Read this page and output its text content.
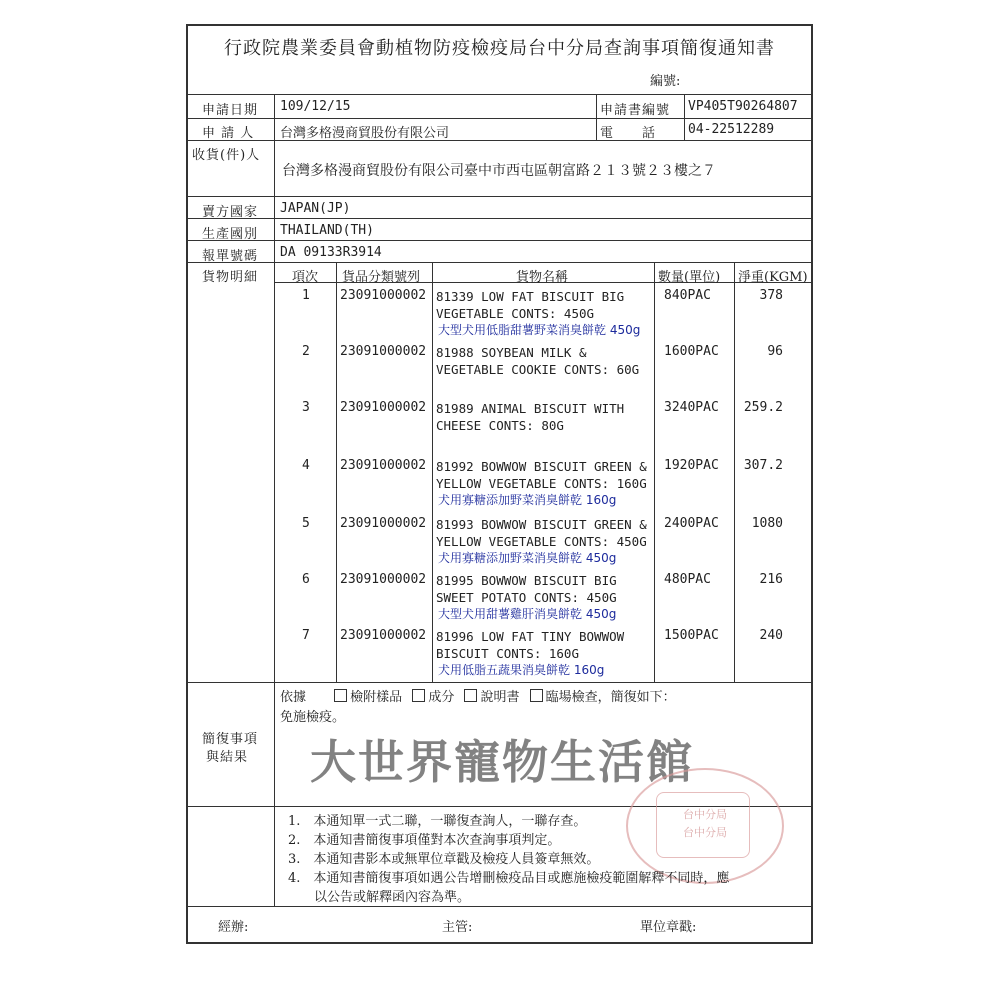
行政院農業委員會動植物防疫檢疫局台中分局查詢事項簡復通知書
編號:
申請日期 109/12/15	申請書編號 VP405T90264807
申 請 人 台灣多格漫商貿股份有限公司	電　　話 04-22512289
收貨(件)人
台灣多格漫商貿股份有限公司臺中市西屯區朝富路２１３號２３樓之７
賣方國家 JAPAN(JP)
生產國別 THAILAND(TH)
報單號碼 DA 09133R3914
貨物明細	項次 貨品分類號列	貨物名稱	數量(單位) 淨重(KGM)
1 23091000002 81339 LOW FAT BISCUIT BIG
VEGETABLE CONTS: 450G
大型犬用低脂甜薯野菜消臭餅乾 450g
840PAC	378
2 23091000002 81988 SOYBEAN MILK &
VEGETABLE COOKIE CONTS: 60G
1600PAC	96
3 23091000002 81989 ANIMAL BISCUIT WITH
CHEESE CONTS: 80G
3240PAC 259.2
4 23091000002 81992 BOWWOW BISCUIT GREEN &
YELLOW VEGETABLE CONTS: 160G
犬用寡糖添加野菜消臭餅乾 160g
1920PAC 307.2
5 23091000002 81993 BOWWOW BISCUIT GREEN &
YELLOW VEGETABLE CONTS: 450G
犬用寡糖添加野菜消臭餅乾 450g
2400PAC	1080
6 23091000002 81995 BOWWOW BISCUIT BIG
SWEET POTATO CONTS: 450G
大型犬用甜薯雞肝消臭餅乾 450g
480PAC	216
7 23091000002 81996 LOW FAT TINY BOWWOW
BISCUIT CONTS: 160G
犬用低脂五蔬果消臭餅乾 160g
1500PAC	240
簡復事項
與結果
依據	檢附樣品 成分 說明書 臨場檢查，簡復如下：
免施檢疫。
大世界寵物生活館
台中分局
台中分局
1.　本通知單一式二聯，一聯復查詢人，一聯存查。
2.　本通知書簡復事項僅對本次查詢事項判定。
3.　本通知書影本或無單位章戳及檢疫人員簽章無效。
4.　本通知書簡復事項如遇公告增刪檢疫品目或應施檢疫範圍解釋不同時，應
　　以公告或解釋函內容為準。
經辦:	主管:	單位章戳:
